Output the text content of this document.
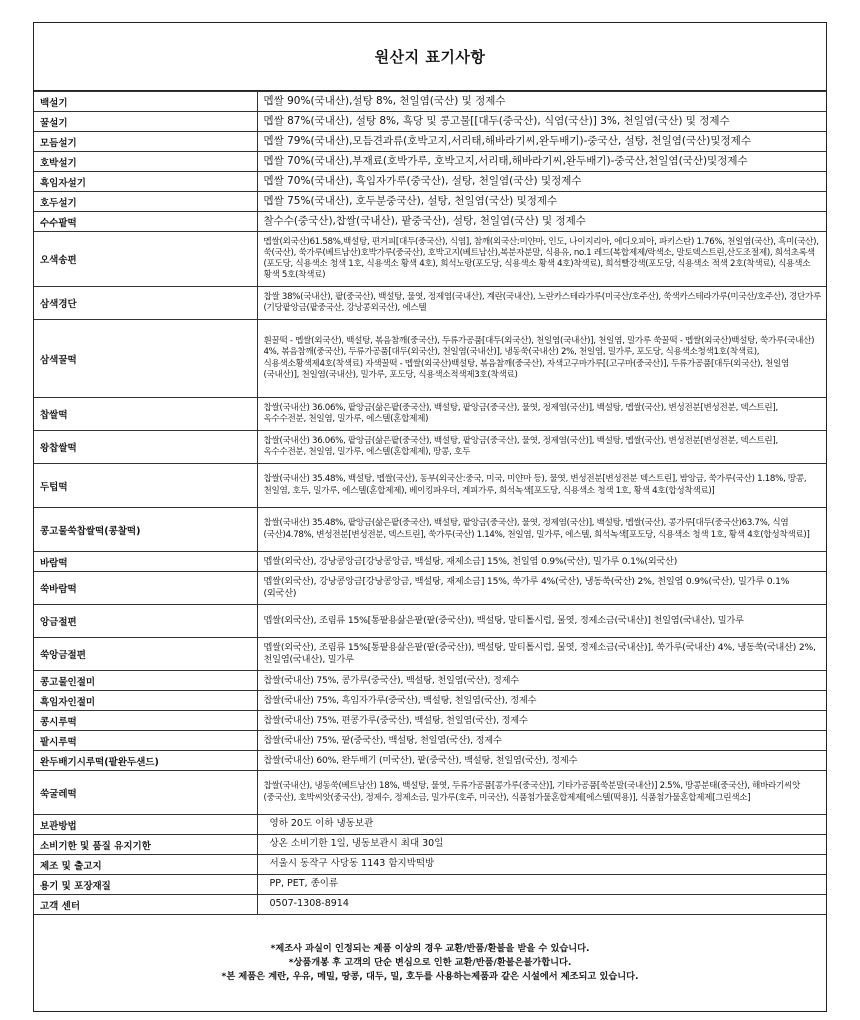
원산지 표기사항
백설기	멥쌀 90%(국내산),설탕 8%, 천일염(국산) 및 정제수
꿀설기	멥쌀 87%(국내산), 설탕 8%, 흑당 및 콩고물[[대두(중국산), 식염(국산)] 3%, 천일염(국산) 및 정제수
모듬설기	멥쌀 79%(국내산),모듬견과류(호박고지,서리태,해바라기씨,완두배기)-중국산, 설탕, 천일염(국산)및정제수
호박설기	멥쌀 70%(국내산),부재료(호박가루, 호박고지,서리태,해바라기씨,완두배기)-중국산,천일염(국산)및정제수
흑임자설기	멥쌀 70%(국내산), 흑임자가루(중국산), 설탕, 천일염(국산) 및정제수
호두설기	멥쌀 75%(국내산), 호두분중국산), 설탕, 천일염(국산) 및정제수
수수팥떡	찰수수(중국산),찹쌀(국내산), 팥중국산), 설탕, 천일염(국산) 및 정제수
오색송편	멥쌀(외국산)61.58%,백설탕, 편거피[대두(중국산), 식염], 참깨(외국산:미얀마, 인도, 나이지리아, 에디오피아, 파키스탄) 1.76%, 천일염(국산), 흑미(국산), 쑥(국산), 쑥가루(베트남산)호박가루(중국산), 호박고지(베트남산),복분자분말, 식용유, no.1 레드(복합제제/락색소, 말토덱스트린,산도조절제), 희석초록색(포도당, 식용색소 청색 1호, 식용색소 황색 4호), 희석노랑(포도당, 식용색소 황색 4호)착색료), 희석빨강색(포도당, 식용색소 적색 2호(착색료), 식용색소 황색 5호(착색료)
삼색경단	찹쌀 38%(국내산), 팥(중국산), 백설탕, 물엿, 정제염(국내산), 계란(국내산), 노란카스테라가루(미국산/호주산), 쑥색카스테라가루(미국산/호주산), 경단가루(기당팥앙금(팥중국산, 강낭콩외국산), 에스텔
삼색꿀떡	흰꿀떡 - 멥쌀(외국산), 백설탕, 볶음참깨(중국산), 두류가공품[대두(외국산), 천일염(국내산)], 천일염, 밀가루 쑥꿀떡 - 멥쌀(외국산)백설탕, 쑥가루(국내산) 4%, 볶음참깨(중국산), 두류가공품[대두(외국산), 천일염(국내산)], 냉동쑥(국내산) 2%, 천일염, 밀가루, 포도당, 식용색소청색1호(착색료), 식용색소황색제4호(착색료) 자색꿀떡 - 멥쌀(외국산)백설탕, 볶음참깨(중국산), 자색고구마가루[(고구마(중국산)], 두류가공품[대두(외국산), 천일염(국내산)], 천일염(국내산), 밀가루, 포도당, 식용색소적색제3호(착색료)
찹쌀떡	찹쌀(국내산) 36.06%, 팥앙금(삶은팥(중국산), 백설탕, 팥앙금(중국산), 물엿, 정제염(국산)], 백설탕, 멥쌀(국산), 변성전분[변성전분, 덱스트린], 옥수수전분, 천일염, 밀가루, 에스텔(혼합제제)
왕찹쌀떡	찹쌀(국내산) 36.06%, 팥앙금(삶은팥(중국산), 백설탕, 팥앙금(중국산), 물엿, 정제염(국산)], 백설탕, 멥쌀(국산), 변성전분[변성전분, 덱스트린], 옥수수전분, 천일염, 밀가루, 에스텔(혼합제제), 땅콩, 호두
두텁떡	찹쌀(국내산) 35.48%, 백설탕, 멥쌀(국산), 동부(외국산:중국, 미국, 미얀마 등), 물엿, 변성전분[변성전분 덱스트린], 밤앙금, 쑥가루(국산) 1.18%, 땅콩, 천일염, 호두, 밀가루, 에스텔(혼합제제), 베이킹파우더, 계피가루, 희석녹색[포도당, 식용색소 청색 1호, 황색 4호(합성착색료)]
콩고물쑥찹쌀떡(콩찰떡)	찹쌀(국내산) 35.48%, 팥앙금(삶은팥(중국산), 백설탕, 팥앙금(중국산), 물엿, 정제염(국산)], 백설탕, 멥쌀(국산), 콩가루[대두(중국산)63.7%, 식염(국산)4.78%, 변성전분[변성전분, 덱스트린], 쑥가루(국산) 1.14%, 천일염, 밀가루, 에스텔, 희석녹색[포도당, 식용색소 청색 1호, 황색 4호(합성착색료)]
바람떡	멥쌀(외국산), 강낭콩앙금[강낭콩앙금, 백설탕, 재제소금] 15%, 천일염 0.9%(국산), 밀가루 0.1%(외국산)
쑥바람떡	멥쌀(외국산), 강낭콩앙금[강낭콩앙금, 백설탕, 재제소금] 15%, 쑥가루 4%(국산), 냉동쑥(국산) 2%, 천일염 0.9%(국산), 밀가루 0.1%(외국산)
앙금절편	멥쌀(외국산), 조림류 15%[통팥용삶은팥(팥(중국산)), 백설탕, 말티톨시럽, 물엿, 정제소금(국내산)] 천일염(국내산), 밀가루
쑥앙금절편	멥쌀(외국산), 조림류 15%[통팥용삶은팥(팥(중국산)), 백설탕, 말티톨시럽, 물엿, 정제소금(국내산)], 쑥가루(국내산) 4%, 냉동쑥(국내산) 2%, 천일염(국내산), 밀가루
콩고물인절미	찹쌀(국내산) 75%, 콩가루(중국산), 백설탕, 천일염(국산), 정제수
흑임자인절미	찹쌀(국내산) 75%, 흑임자가루(중국산), 백설탕, 천일염(국산), 정제수
콩시루떡	찹쌀(국내산) 75%, 편콩가루(중국산), 백설탕, 천일염(국산), 정제수
팥시루떡	찹쌀(국내산) 75%, 팥(중국산), 백설탕, 천일염(국산), 정제수
완두배기시루떡(팥완두샌드)	찹쌀(국내산) 60%, 완두배기 (미국산), 팥(중국산), 백설탕, 천일염(국산), 정제수
쑥굴레떡	찹쌀(국내산), 냉동쑥(베트남산) 18%, 백설탕, 물엿, 두류가공품[콩가루(중국산)], 기타가공품[쑥분말(국내산)] 2.5%, 땅콩분태(중국산), 해바라기씨앗(중국산), 호박씨앗(중국산), 정제수, 정제소금, 밀가루(호주, 미국산), 식품첨가물혼합제제[에스텔(떡용)], 식품첨가물혼합제제[그린색소]
보관방법	영하 20도 이하 냉동보관
소비기한 및 품질 유지기한	상온 소비기한 1일, 냉동보관시 최대 30일
제조 및 출고지	서울시 동작구 사당동 1143 함지박떡방
용기 및 포장재질	PP, PET, 종이류
고객 센터	0507-1308-8914
*제조사 과실이 인정되는 제품 이상의 경우 교환/반품/환불을 받을 수 있습니다.
*상품개봉 후 고객의 단순 변심으로 인한 교환/반품/환불은불가합니다.
*본 제품은 계란, 우유, 메밀, 땅콩, 대두, 밀, 호두를 사용하는제품과 같은 시설에서 제조되고 있습니다.
